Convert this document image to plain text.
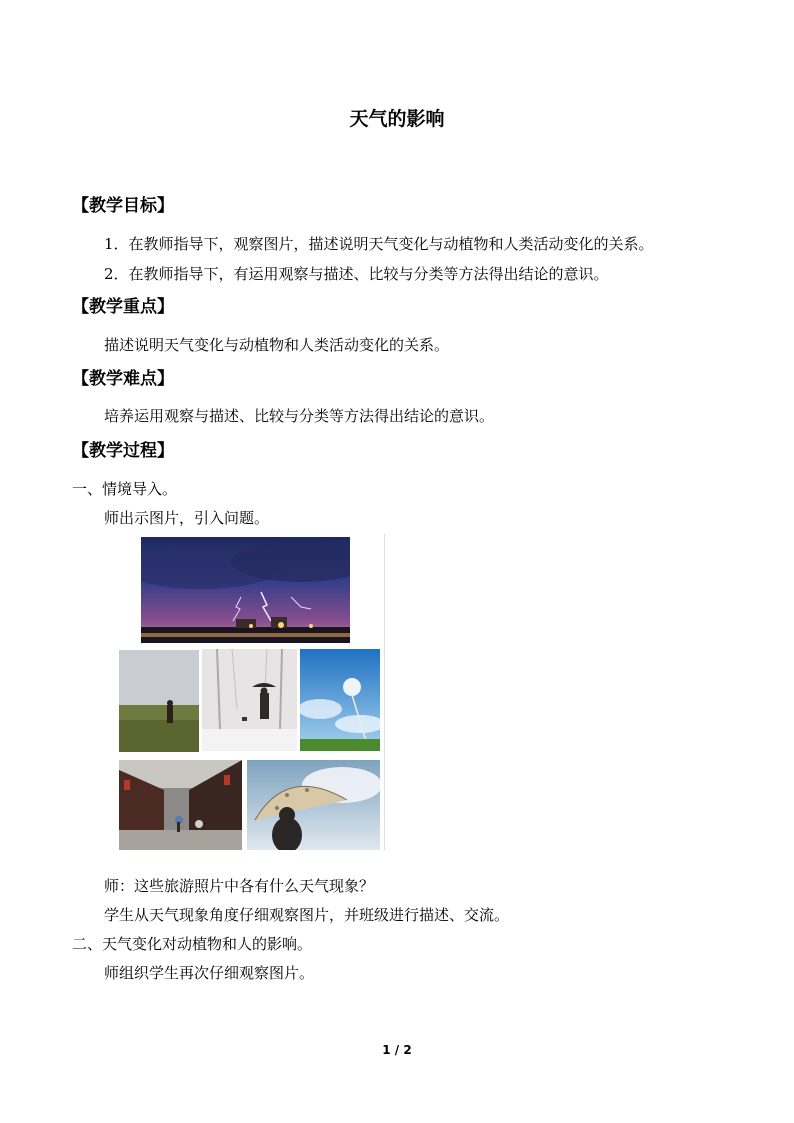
天气的影响
【教学目标】
1．在教师指导下，观察图片，描述说明天气变化与动植物和人类活动变化的关系。
2．在教师指导下，有运用观察与描述、比较与分类等方法得出结论的意识。
【教学重点】
描述说明天气变化与动植物和人类活动变化的关系。
【教学难点】
培养运用观察与描述、比较与分类等方法得出结论的意识。
【教学过程】
一、情境导入。
师出示图片，引入问题。
师：这些旅游照片中各有什么天气现象？
学生从天气现象角度仔细观察图片，并班级进行描述、交流。
二、天气变化对动植物和人的影响。
师组织学生再次仔细观察图片。
1 / 2
